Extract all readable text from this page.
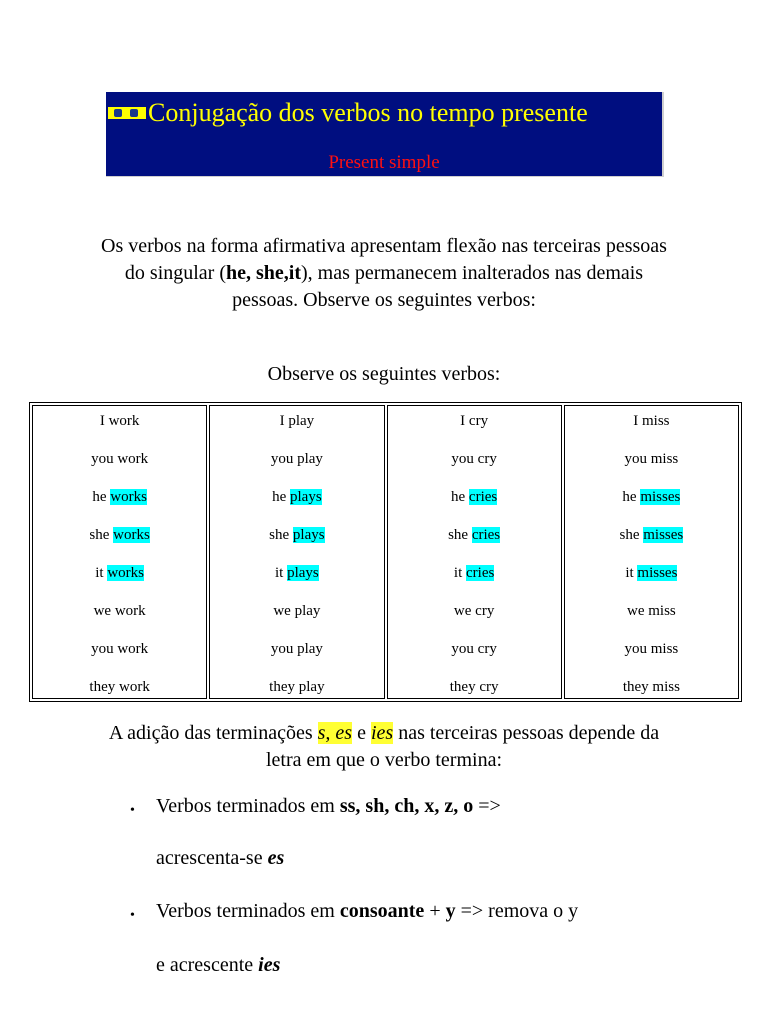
Conjugação dos verbos no tempo presente
Present simple
Os verbos na forma afirmativa apresentam flexão nas terceiras pessoas do singular (he, she,it), mas permanecem inalterados nas demais pessoas. Observe os seguintes verbos:
Observe os seguintes verbos:
I work
you work
he works
she works
it works
we work
you work
they work
I play
you play
he plays
she plays
it plays
we play
you play
they play
I cry
you cry
he cries
she cries
it cries
we cry
you cry
they cry
I miss
you miss
he misses
she misses
it misses
we miss
you miss
they miss
A adição das terminações s, es e ies nas terceiras pessoas depende da letra em que o verbo termina:
• Verbos terminados em ss, sh, ch, x, z, o =>
acrescenta-se es
• Verbos terminados em consoante + y => remova o y
e acrescente ies
